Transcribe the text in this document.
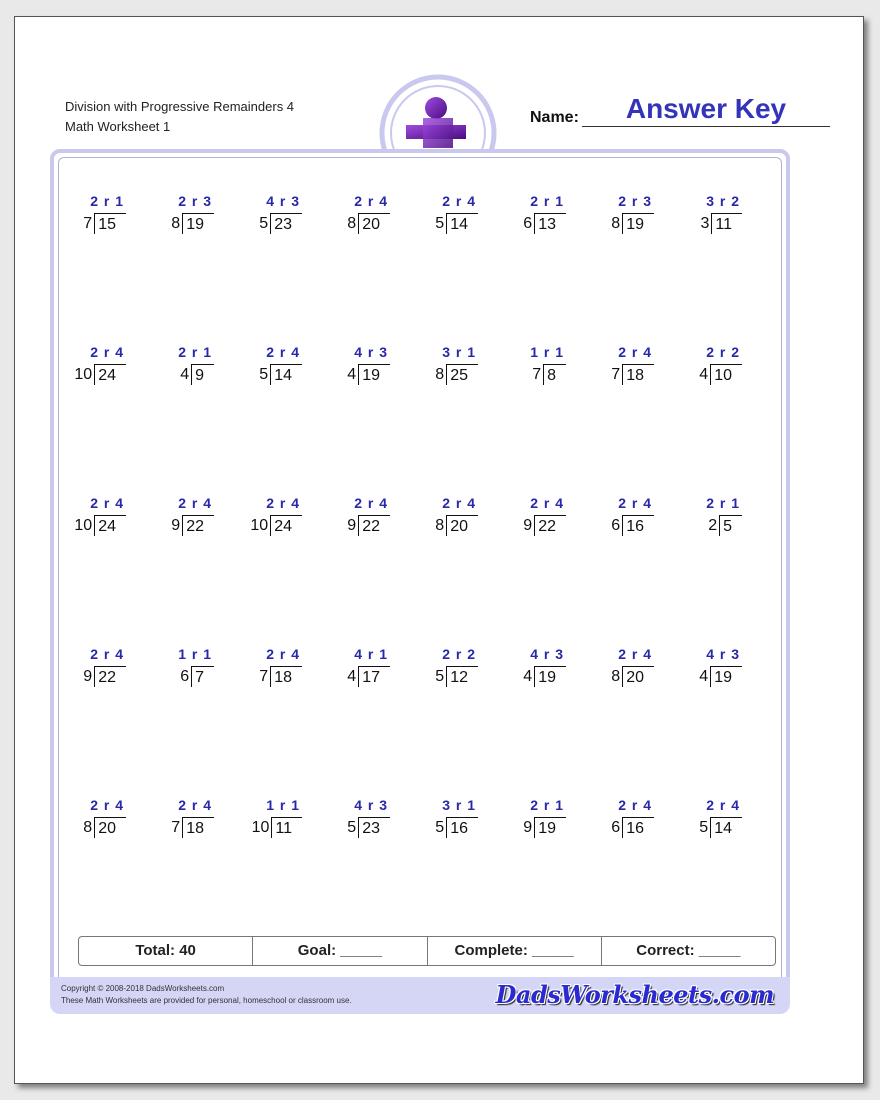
Division with Progressive Remainders 4
Math Worksheet 1
Name:	Answer Key
2 r 1
7 15
2 r 3
8 19
4 r 3
5 23
2 r 4
8 20
2 r 4
5 14
2 r 1
6 13
2 r 3
8 19
3 r 2
3 11
2 r 4
10 24
2 r 1
4 9
2 r 4
5 14
4 r 3
4 19
3 r 1
8 25
1 r 1
7 8
2 r 4
7 18
2 r 2
4 10
2 r 4
10 24
2 r 4
9 22
2 r 4
10 24
2 r 4
9 22
2 r 4
8 20
2 r 4
9 22
2 r 4
6 16
2 r 1
2 5
2 r 4
9 22
1 r 1
6 7
2 r 4
7 18
4 r 1
4 17
2 r 2
5 12
4 r 3
4 19
2 r 4
8 20
4 r 3
4 19
2 r 4
8 20
2 r 4
7 18
1 r 1
10 11
4 r 3
5 23
3 r 1
5 16
2 r 1
9 19
2 r 4
6 16
2 r 4
5 14
Total: 40	Goal: _____	Complete: _____	Correct: _____
Copyright © 2008-2018 DadsWorksheets.com
These Math Worksheets are provided for personal, homeschool or classroom use.	DadsWorksheets.com
